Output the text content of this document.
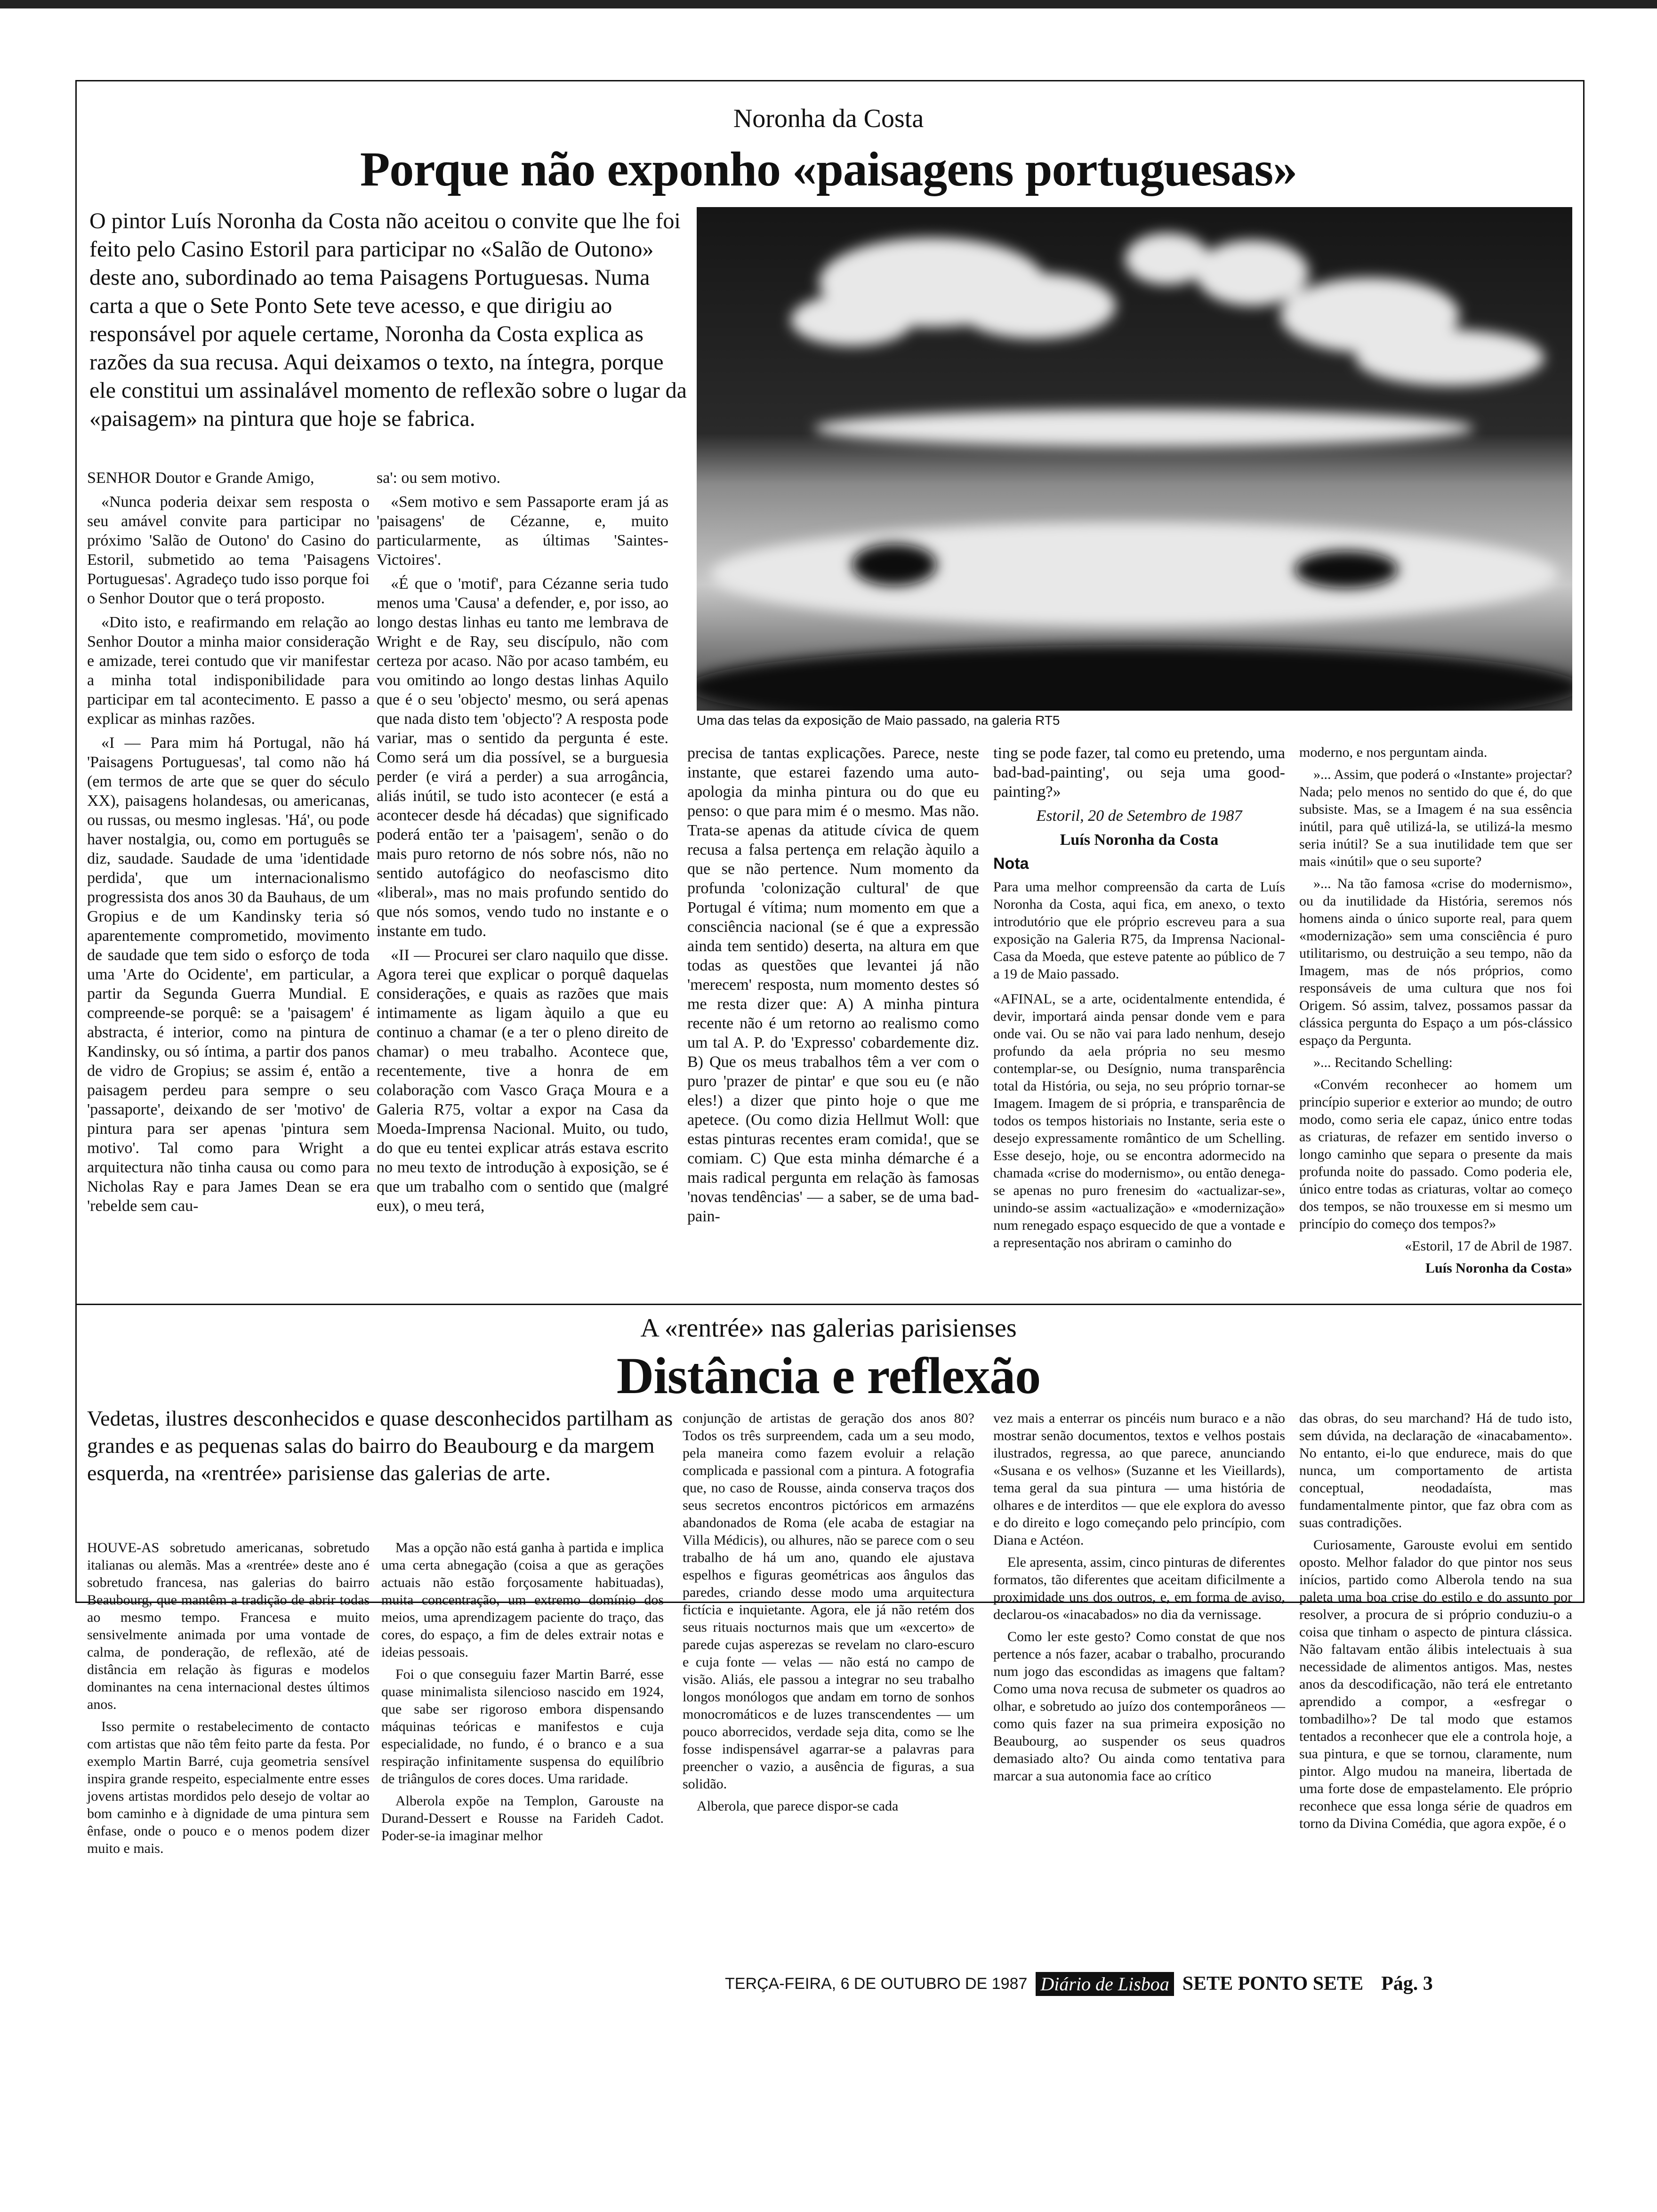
Noronha da Costa
Porque não exponho «paisagens portuguesas»
O pintor Luís Noronha da Costa não aceitou o convite que lhe foi feito pelo Casino Estoril para participar no «Salão de Outono» deste ano, subordinado ao tema Paisagens Portuguesas. Numa carta a que o Sete Ponto Sete teve acesso, e que dirigiu ao responsável por aquele certame, Noronha da Costa explica as razões da sua recusa. Aqui deixamos o texto, na íntegra, porque ele constitui um assinalável momento de reflexão sobre o lugar da «paisagem» na pintura que hoje se fabrica.
Uma das telas da exposição de Maio passado, na galeria RT5

SENHOR Doutor e Grande Amigo,

«Nunca poderia deixar sem resposta o seu amável convite para participar no próximo 'Salão de Outono' do Casino do Estoril, submetido ao tema 'Paisagens Portuguesas'. Agradeço tudo isso porque foi o Senhor Doutor que o terá proposto.

«Dito isto, e reafirmando em relação ao Senhor Doutor a minha maior consideração e amizade, terei contudo que vir manifestar a minha total indisponibilidade para participar em tal acontecimento. E passo a explicar as minhas razões.

«I — Para mim há Portugal, não há 'Paisagens Portuguesas', tal como não há (em termos de arte que se quer do século XX), paisagens holandesas, ou americanas, ou russas, ou mesmo inglesas. 'Há', ou pode haver nostalgia, ou, como em português se diz, saudade. Saudade de uma 'identidade perdida', que um internacionalismo progressista dos anos 30 da Bauhaus, de um Gropius e de um Kandinsky teria só aparentemente comprometido, movimento de saudade que tem sido o esforço de toda uma 'Arte do Ocidente', em particular, a partir da Segunda Guerra Mundial. E compreende-se porquê: se a 'paisagem' é abstracta, é interior, como na pintura de Kandinsky, ou só íntima, a partir dos panos de vidro de Gropius; se assim é, então a paisagem perdeu para sempre o seu 'passaporte', deixando de ser 'motivo' de pintura para ser apenas 'pintura sem motivo'. Tal como para Wright a arquitectura não tinha causa ou como para Nicholas Ray e para James Dean se era 'rebelde sem cau-

sa': ou sem motivo.

«Sem motivo e sem Passaporte eram já as 'paisagens' de Cézanne, e, muito particularmente, as últimas 'Saintes-Victoires'.

«É que o 'motif', para Cézanne seria tudo menos uma 'Causa' a defender, e, por isso, ao longo destas linhas eu tanto me lembrava de Wright e de Ray, seu discípulo, não com certeza por acaso. Não por acaso também, eu vou omitindo ao longo destas linhas Aquilo que é o seu 'objecto' mesmo, ou será apenas que nada disto tem 'objecto'? A resposta pode variar, mas o sentido da pergunta é este. Como será um dia possível, se a burguesia perder (e virá a perder) a sua arrogância, aliás inútil, se tudo isto acontecer (e está a acontecer desde há décadas) que significado poderá então ter a 'paisagem', senão o do mais puro retorno de nós sobre nós, não no sentido autofágico do neofascismo dito «liberal», mas no mais profundo sentido do que nós somos, vendo tudo no instante e o instante em tudo.

«II — Procurei ser claro naquilo que disse. Agora terei que explicar o porquê daquelas considerações, e quais as razões que mais intimamente as ligam àquilo a que eu continuo a chamar (e a ter o pleno direito de chamar) o meu trabalho. Acontece que, recentemente, tive a honra de em colaboração com Vasco Graça Moura e a Galeria R75, voltar a expor na Casa da Moeda-Imprensa Nacional. Muito, ou tudo, do que eu tentei explicar atrás estava escrito no meu texto de introdução à exposição, se é que um trabalho com o sentido que (malgré eux), o meu terá,

precisa de tantas explicações. Parece, neste instante, que estarei fazendo uma auto-apologia da minha pintura ou do que eu penso: o que para mim é o mesmo. Mas não. Trata-se apenas da atitude cívica de quem recusa a falsa pertença em relação àquilo a que se não pertence. Num momento da profunda 'colonização cultural' de que Portugal é vítima; num momento em que a consciência nacional (se é que a expressão ainda tem sentido) deserta, na altura em que todas as questões que levantei já não 'merecem' resposta, num momento destes só me resta dizer que: A) A minha pintura recente não é um retorno ao realismo como um tal A. P. do 'Expresso' cobardemente diz. B) Que os meus trabalhos têm a ver com o puro 'prazer de pintar' e que sou eu (e não eles!) a dizer que pinto hoje o que me apetece. (Ou como dizia Hellmut Woll: que estas pinturas recentes eram comida!, que se comiam. C) Que esta minha démarche é a mais radical pergunta em relação às famosas 'novas tendências' — a saber, se de uma bad-pain-

ting se pode fazer, tal como eu pretendo, uma bad-bad-painting', ou seja uma good-painting?»

Estoril, 20 de Setembro de 1987

Luís Noronha da Costa

Nota

Para uma melhor compreensão da carta de Luís Noronha da Costa, aqui fica, em anexo, o texto introdutório que ele próprio escreveu para a sua exposição na Galeria R75, da Imprensa Nacional-Casa da Moeda, que esteve patente ao público de 7 a 19 de Maio passado.
«AFINAL, se a arte, ocidentalmente entendida, é devir, importará ainda pensar donde vem e para onde vai. Ou se não vai para lado nenhum, desejo profundo da aela própria no seu mesmo contemplar-se, ou Desígnio, numa transparência total da História, ou seja, no seu próprio tornar-se Imagem. Imagem de si própria, e transparência de todos os tempos historiais no Instante, seria este o desejo expressamente romântico de um Schelling. Esse desejo, hoje, ou se encontra adormecido na chamada «crise do modernismo», ou então denega-se apenas no puro frenesim do «actualizar-se», unindo-se assim «actualização» e «modernização» num renegado espaço esquecido de que a vontade e a representação nos abriram o caminho do

moderno, e nos perguntam ainda.

»... Assim, que poderá o «Instante» projectar? Nada; pelo menos no sentido do que é, do que subsiste. Mas, se a Imagem é na sua essência inútil, para quê utilizá-la, se utilizá-la mesmo seria inútil? Se a sua inutilidade tem que ser mais «inútil» que o seu suporte?

»... Na tão famosa «crise do modernismo», ou da inutilidade da História, seremos nós homens ainda o único suporte real, para quem «modernização» sem uma consciência é puro utilitarismo, ou destruição a seu tempo, não da Imagem, mas de nós próprios, como responsáveis de uma cultura que nos foi Origem. Só assim, talvez, possamos passar da clássica pergunta do Espaço a um pós-clássico espaço da Pergunta.

»... Recitando Schelling:

«Convém reconhecer ao homem um princípio superior e exterior ao mundo; de outro modo, como seria ele capaz, único entre todas as criaturas, de refazer em sentido inverso o longo caminho que separa o presente da mais profunda noite do passado. Como poderia ele, único entre todas as criaturas, voltar ao começo dos tempos, se não trouxesse em si mesmo um princípio do começo dos tempos?»

«Estoril, 17 de Abril de 1987.

Luís Noronha da Costa»

A «rentrée» nas galerias parisienses
Distância e reflexão
Vedetas, ilustres desconhecidos e quase desconhecidos partilham as grandes e as pequenas salas do bairro do Beaubourg e da margem esquerda, na «rentrée» parisiense das galerias de arte.

HOUVE-AS sobretudo americanas, sobretudo italianas ou alemãs. Mas a «rentrée» deste ano é sobretudo francesa, nas galerias do bairro Beaubourg, que mantêm a tradição de abrir todas ao mesmo tempo. Francesa e muito sensivelmente animada por uma vontade de calma, de ponderação, de reflexão, até de distância em relação às figuras e modelos dominantes na cena internacional destes últimos anos.

Isso permite o restabelecimento de contacto com artistas que não têm feito parte da festa. Por exemplo Martin Barré, cuja geometria sensível inspira grande respeito, especialmente entre esses jovens artistas mordidos pelo desejo de voltar ao bom caminho e à dignidade de uma pintura sem ênfase, onde o pouco e o menos podem dizer muito e mais.

Mas a opção não está ganha à partida e implica uma certa abnegação (coisa a que as gerações actuais não estão forçosamente habituadas), muita concentração, um extremo domínio dos meios, uma aprendizagem paciente do traço, das cores, do espaço, a fim de deles extrair notas e ideias pessoais.

Foi o que conseguiu fazer Martin Barré, esse quase minimalista silencioso nascido em 1924, que sabe ser rigoroso embora dispensando máquinas teóricas e manifestos e cuja especialidade, no fundo, é o branco e a sua respiração infinitamente suspensa do equilíbrio de triângulos de cores doces. Uma raridade.

Alberola expõe na Templon, Garouste na Durand-Dessert e Rousse na Farideh Cadot. Poder-se-ia imaginar melhor

conjunção de artistas de geração dos anos 80? Todos os três surpreendem, cada um a seu modo, pela maneira como fazem evoluir a relação complicada e passional com a pintura. A fotografia que, no caso de Rousse, ainda conserva traços dos seus secretos encontros pictóricos em armazéns abandonados de Roma (ele acaba de estagiar na Villa Médicis), ou alhures, não se parece com o seu trabalho de há um ano, quando ele ajustava espelhos e figuras geométricas aos ângulos das paredes, criando desse modo uma arquitectura fictícia e inquietante. Agora, ele já não retém dos seus rituais nocturnos mais que um «excerto» de parede cujas asperezas se revelam no claro-escuro e cuja fonte — velas — não está no campo de visão. Aliás, ele passou a integrar no seu trabalho longos monólogos que andam em torno de sonhos monocromáticos e de luzes transcendentes — um pouco aborrecidos, verdade seja dita, como se lhe fosse indispensável agarrar-se a palavras para preencher o vazio, a ausência de figuras, a sua solidão.

Alberola, que parece dispor-se cada

vez mais a enterrar os pincéis num buraco e a não mostrar senão documentos, textos e velhos postais ilustrados, regressa, ao que parece, anunciando «Susana e os velhos» (Suzanne et les Vieillards), tema geral da sua pintura — uma história de olhares e de interditos — que ele explora do avesso e do direito e logo começando pelo princípio, com Diana e Actéon.

Ele apresenta, assim, cinco pinturas de diferentes formatos, tão diferentes que aceitam dificilmente a proximidade uns dos outros, e, em forma de aviso, declarou-os «inacabados» no dia da vernissage.

Como ler este gesto? Como constat de que nos pertence a nós fazer, acabar o trabalho, procurando num jogo das escondidas as imagens que faltam? Como uma nova recusa de submeter os quadros ao olhar, e sobretudo ao juízo dos contemporâneos — como quis fazer na sua primeira exposição no Beaubourg, ao suspender os seus quadros demasiado alto? Ou ainda como tentativa para marcar a sua autonomia face ao crítico

das obras, do seu marchand? Há de tudo isto, sem dúvida, na declaração de «inacabamento». No entanto, ei-lo que endurece, mais do que nunca, um comportamento de artista conceptual, neodadaísta, mas fundamentalmente pintor, que faz obra com as suas contradições.

Curiosamente, Garouste evolui em sentido oposto. Melhor falador do que pintor nos seus inícios, partido como Alberola tendo na sua paleta uma boa crise do estilo e do assunto por resolver, a procura de si próprio conduziu-o a coisa que tinham o aspecto de pintura clássica. Não faltavam então álibis intelectuais à sua necessidade de alimentos antigos. Mas, nestes anos da descodificação, não terá ele entretanto aprendido a compor, a «esfregar o tombadilho»? De tal modo que estamos tentados a reconhecer que ele a controla hoje, a sua pintura, e que se tornou, claramente, num pintor. Algo mudou na maneira, libertada de uma forte dose de empastelamento. Ele próprio reconhece que essa longa série de quadros em torno da Divina Comédia, que agora expõe, é o

TERÇA-FEIRA, 6 DE OUTUBRO DE 1987 Diário de Lisboa SETE PONTO SETE Pág. 3
